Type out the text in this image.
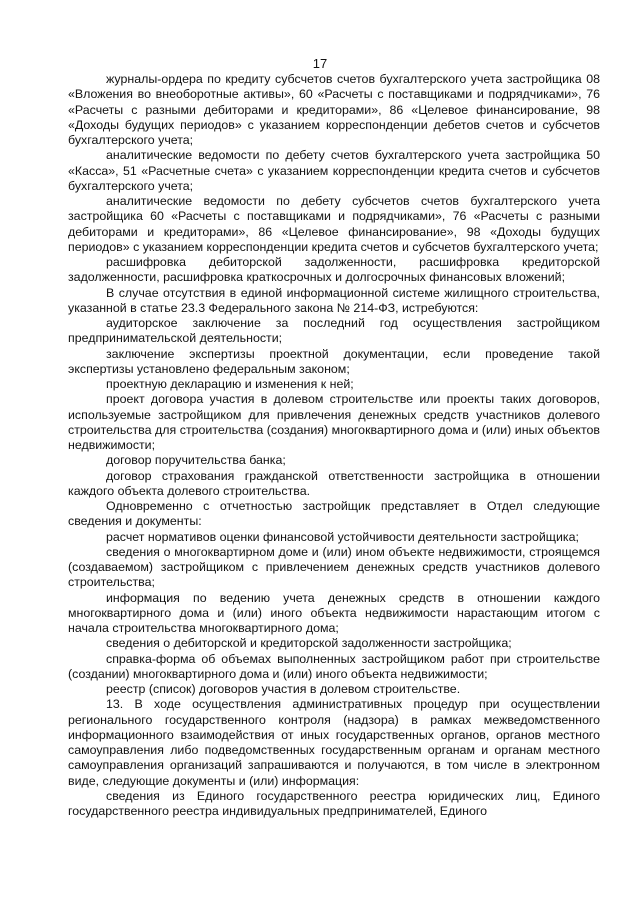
17

журналы-ордера по кредиту субсчетов счетов бухгалтерского учета застройщика 08 «Вложения во внеоборотные активы», 60 «Расчеты с поставщиками и подрядчиками», 76 «Расчеты с разными дебиторами и кредиторами», 86 «Целевое финансирование, 98 «Доходы будущих периодов» с указанием корреспонденции дебетов счетов и субсчетов бухгалтерского учета;

аналитические ведомости по дебету счетов бухгалтерского учета застройщика 50 «Касса», 51 «Расчетные счета» с указанием корреспонденции кредита счетов и субсчетов бухгалтерского учета;

аналитические ведомости по дебету субсчетов счетов бухгалтерского учета застройщика 60 «Расчеты с поставщиками и подрядчиками», 76 «Расчеты с разными дебиторами и кредиторами», 86 «Целевое финансирование», 98 «Доходы будущих периодов» с указанием корреспонденции кредита счетов и субсчетов бухгалтерского учета;

расшифровка дебиторской задолженности, расшифровка кредиторской задолженности, расшифровка краткосрочных и долгосрочных финансовых вложений;

В случае отсутствия в единой информационной системе жилищного строительства, указанной в статье 23.3 Федерального закона № 214-ФЗ, истребуются:

аудиторское заключение за последний год осуществления застройщиком предпринимательской деятельности;

заключение экспертизы проектной документации, если проведение такой экспертизы установлено федеральным законом;

проектную декларацию и изменения к ней;

проект договора участия в долевом строительстве или проекты таких договоров, используемые застройщиком для привлечения денежных средств участников долевого строительства для строительства (создания) многоквартирного дома и (или) иных объектов недвижимости;

договор поручительства банка;

договор страхования гражданской ответственности застройщика в отношении каждого объекта долевого строительства.

Одновременно с отчетностью застройщик представляет в Отдел следующие сведения и документы:

расчет нормативов оценки финансовой устойчивости деятельности застройщика;

сведения о многоквартирном доме и (или) ином объекте недвижимости, строящемся (создаваемом) застройщиком с привлечением денежных средств участников долевого строительства;

информация по ведению учета денежных средств в отношении каждого многоквартирного дома и (или) иного объекта недвижимости нарастающим итогом с начала строительства многоквартирного дома;

сведения о дебиторской и кредиторской задолженности застройщика;

справка-форма об объемах выполненных застройщиком работ при строительстве (создании) многоквартирного дома и (или) иного объекта недвижимости;

реестр (список) договоров участия в долевом строительстве.

13. В ходе осуществления административных процедур при осуществлении регионального государственного контроля (надзора) в рамках межведомственного информационного взаимодействия от иных государственных органов, органов местного самоуправления либо подведомственных государственным органам и органам местного самоуправления организаций запрашиваются и получаются, в том числе в электронном виде, следующие документы и (или) информация:

сведения из Единого государственного реестра юридических лиц, Единого государственного реестра индивидуальных предпринимателей, Единого
